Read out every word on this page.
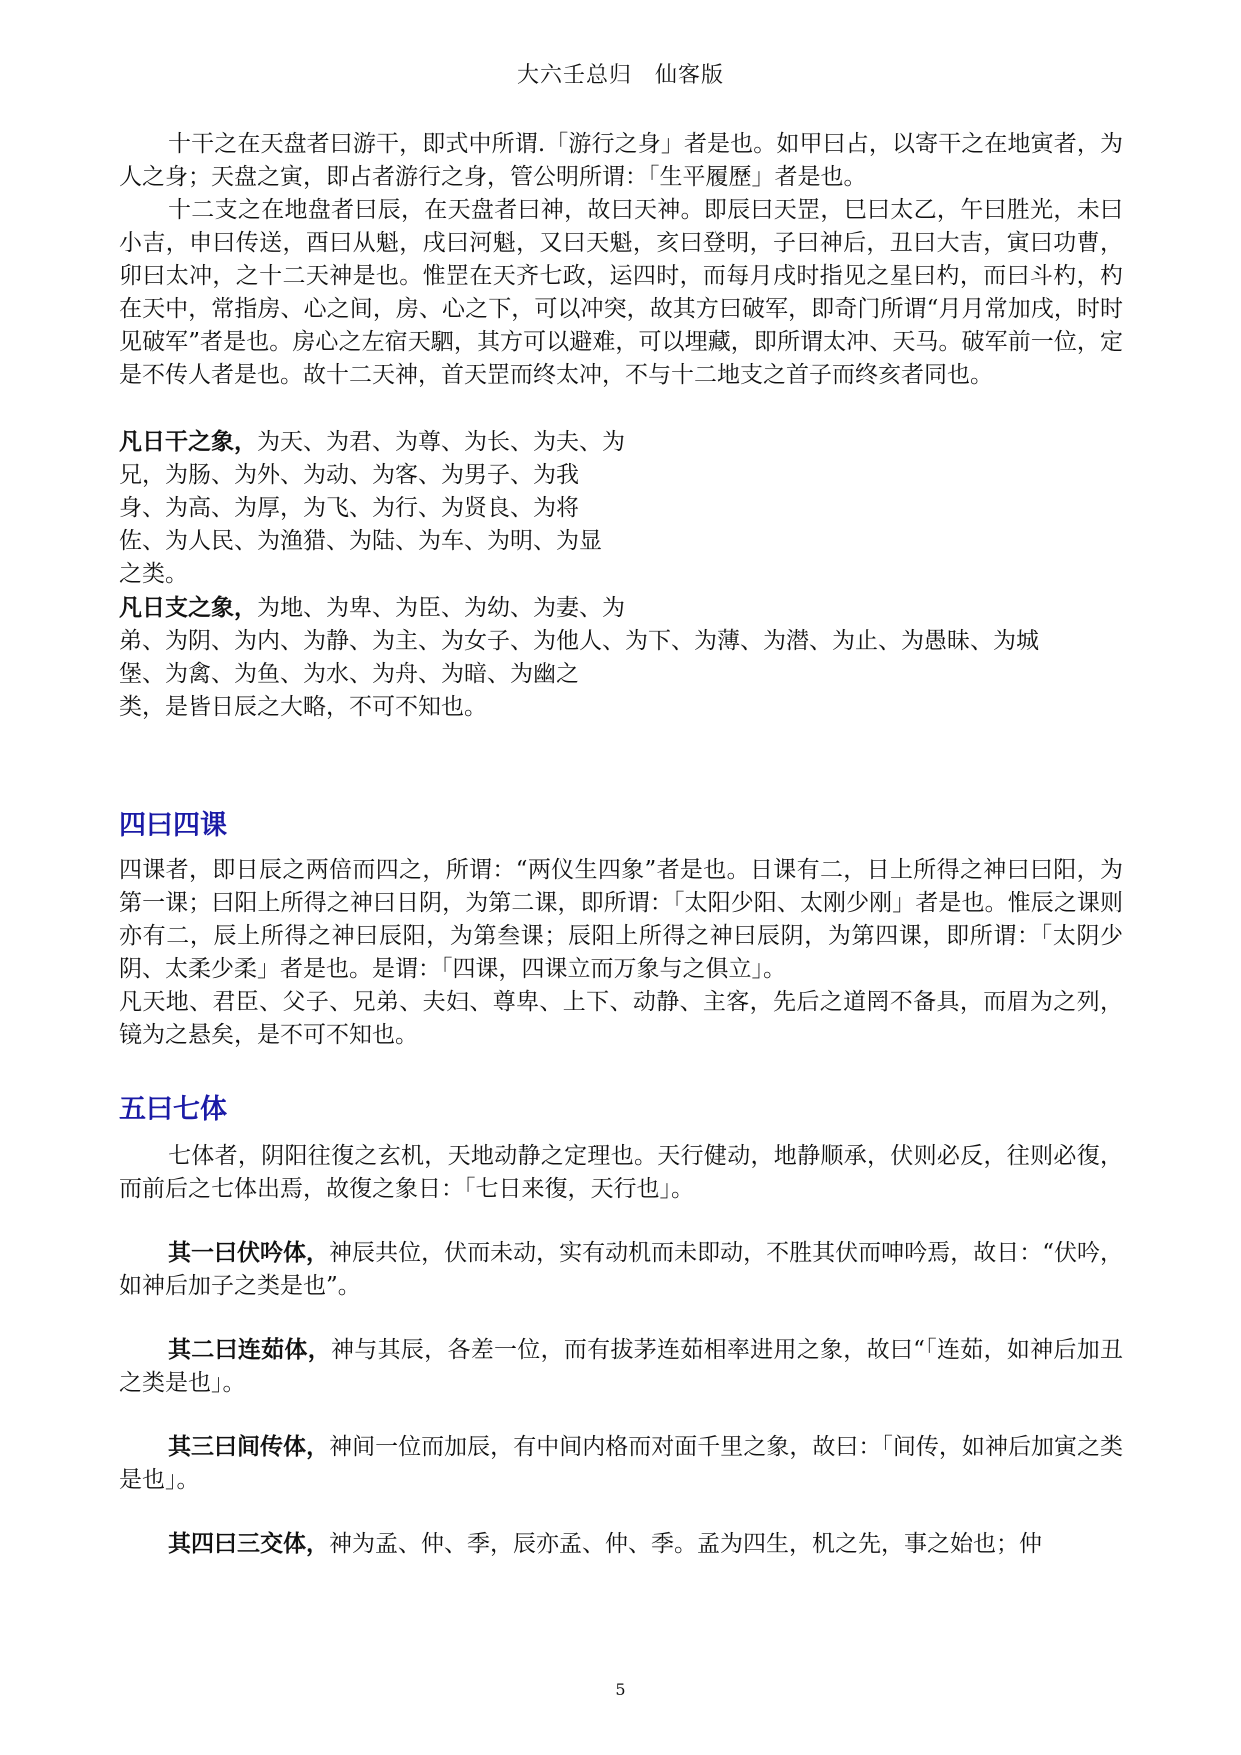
大六壬总归　仙客版

十干之在天盘者曰游干，即式中所谓.「游行之身」者是也。如甲曰占，以寄干之在地寅者，为人之身；天盘之寅，即占者游行之身，管公明所谓：「生平履歷」者是也。

十二支之在地盘者曰辰，在天盘者曰神，故曰天神。即辰曰天罡，巳曰太乙，午曰胜光，未曰小吉，申曰传送，酉曰从魁，戌曰河魁，又曰天魁，亥曰登明，子曰神后，丑曰大吉，寅曰功曹，卯曰太冲，之十二天神是也。惟罡在天齐七政，运四时，而每月戌时指见之星曰杓，而曰斗杓，杓在天中，常指房、心之间，房、心之下，可以冲突，故其方曰破军，即奇门所谓“月月常加戌，时时见破军”者是也。房心之左宿天駟，其方可以避难，可以埋藏，即所谓太冲、天马。破军前一位，定是不传人者是也。故十二天神，首天罡而终太冲，不与十二地支之首子而终亥者同也。

凡日干之象，为天、为君、为尊、为长、为夫、为

兄，为肠、为外、为动、为客、为男子、为我

身、为高、为厚，为飞、为行、为贤良、为将

佐、为人民、为渔猎、为陆、为车、为明、为显

之类。

凡日支之象，为地、为卑、为臣、为幼、为妻、为

弟、为阴、为内、为静、为主、为女子、为他人、为下、为薄、为潜、为止、为愚昧、为城

堡、为禽、为鱼、为水、为舟、为暗、为幽之

类，是皆日辰之大略，不可不知也。

四曰四课

四课者，即日辰之两倍而四之，所谓：“两仪生四象”者是也。日课有二，日上所得之神曰曰阳，为第一课；曰阳上所得之神曰日阴，为第二课，即所谓：「太阳少阳、太刚少刚」者是也。惟辰之课则亦有二，辰上所得之神曰辰阳，为第叁课；辰阳上所得之神曰辰阴，为第四课，即所谓：「太阴少阴、太柔少柔」者是也。是谓：「四课，四课立而万象与之俱立」。

凡天地、君臣、父子、兄弟、夫妇、尊卑、上下、动静、主客，先后之道罔不备具，而眉为之列，镜为之悬矣，是不可不知也。

五曰七体

七体者，阴阳往復之玄机，天地动静之定理也。天行健动，地静顺承，伏则必反，往则必復，而前后之七体出焉，故復之象日：「七日来復，天行也」。

其一曰伏吟体，神辰共位，伏而未动，实有动机而未即动，不胜其伏而呻吟焉，故日：“伏吟，如神后加子之类是也”。

其二曰连茹体，神与其辰，各差一位，而有拔茅连茹相率进用之象，故曰“「连茹，如神后加丑之类是也」。

其三曰间传体，神间一位而加辰，有中间内格而对面千里之象，故曰：「间传，如神后加寅之类是也」。

其四曰三交体，神为孟、仲、季，辰亦孟、仲、季。孟为四生，机之先，事之始也；仲

5
